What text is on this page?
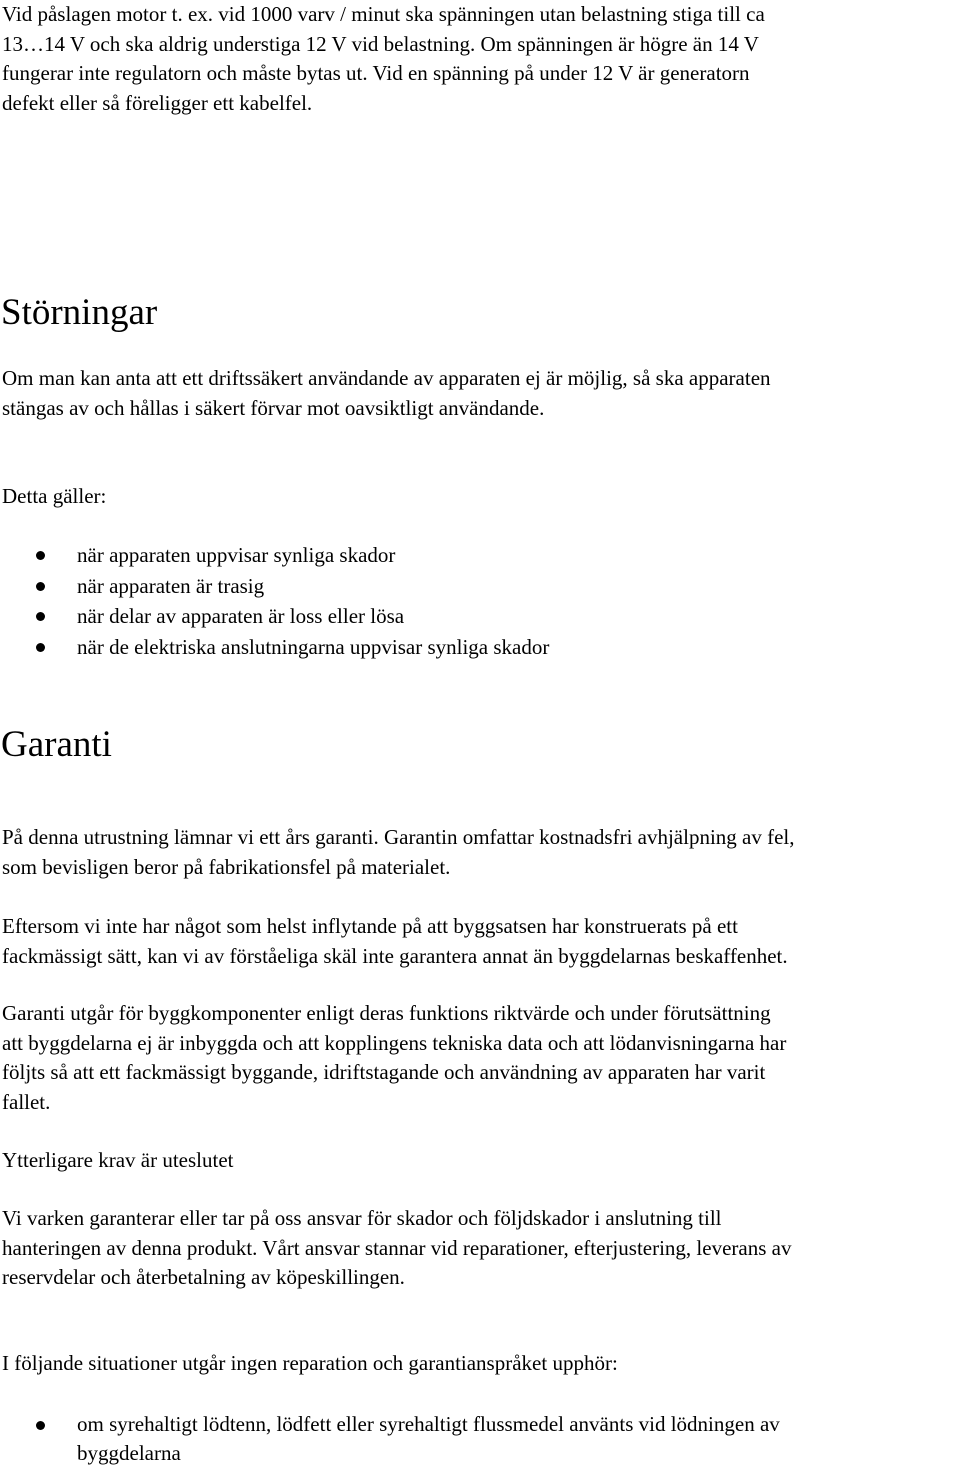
Vid påslagen motor t. ex. vid 1000 varv / minut ska spänningen utan belastning stiga till ca
13…14 V och ska aldrig understiga 12 V vid belastning. Om spänningen är högre än 14 V
fungerar inte regulatorn och måste bytas ut. Vid en spänning på under 12 V är generatorn
defekt eller så föreligger ett kabelfel.

Störningar

Om man kan anta att ett driftssäkert användande av apparaten ej är möjlig, så ska apparaten
stängas av och hållas i säkert förvar mot oavsiktligt användande.

Detta gäller:

när apparaten uppvisar synliga skador
när apparaten är trasig
när delar av apparaten är loss eller lösa
när de elektriska anslutningarna uppvisar synliga skador
Garanti

På denna utrustning lämnar vi ett års garanti. Garantin omfattar kostnadsfri avhjälpning av fel,
som bevisligen beror på fabrikationsfel på materialet.

Eftersom vi inte har något som helst inflytande på att byggsatsen har konstruerats på ett
fackmässigt sätt, kan vi av förståeliga skäl inte garantera annat än byggdelarnas beskaffenhet.

Garanti utgår för byggkomponenter enligt deras funktions riktvärde och under förutsättning
att byggdelarna ej är inbyggda och att kopplingens tekniska data och att lödanvisningarna har
följts så att ett fackmässigt byggande, idriftstagande och användning av apparaten har varit
fallet.

Ytterligare krav är uteslutet

Vi varken garanterar eller tar på oss ansvar för skador och följdskador i anslutning till
hanteringen av denna produkt. Vårt ansvar stannar vid reparationer, efterjustering, leverans av
reservdelar och återbetalning av köpeskillingen.

I följande situationer utgår ingen reparation och garantianspråket upphör:

om syrehaltigt lödtenn, lödfett eller syrehaltigt flussmedel använts vid lödningen av
byggdelarna
